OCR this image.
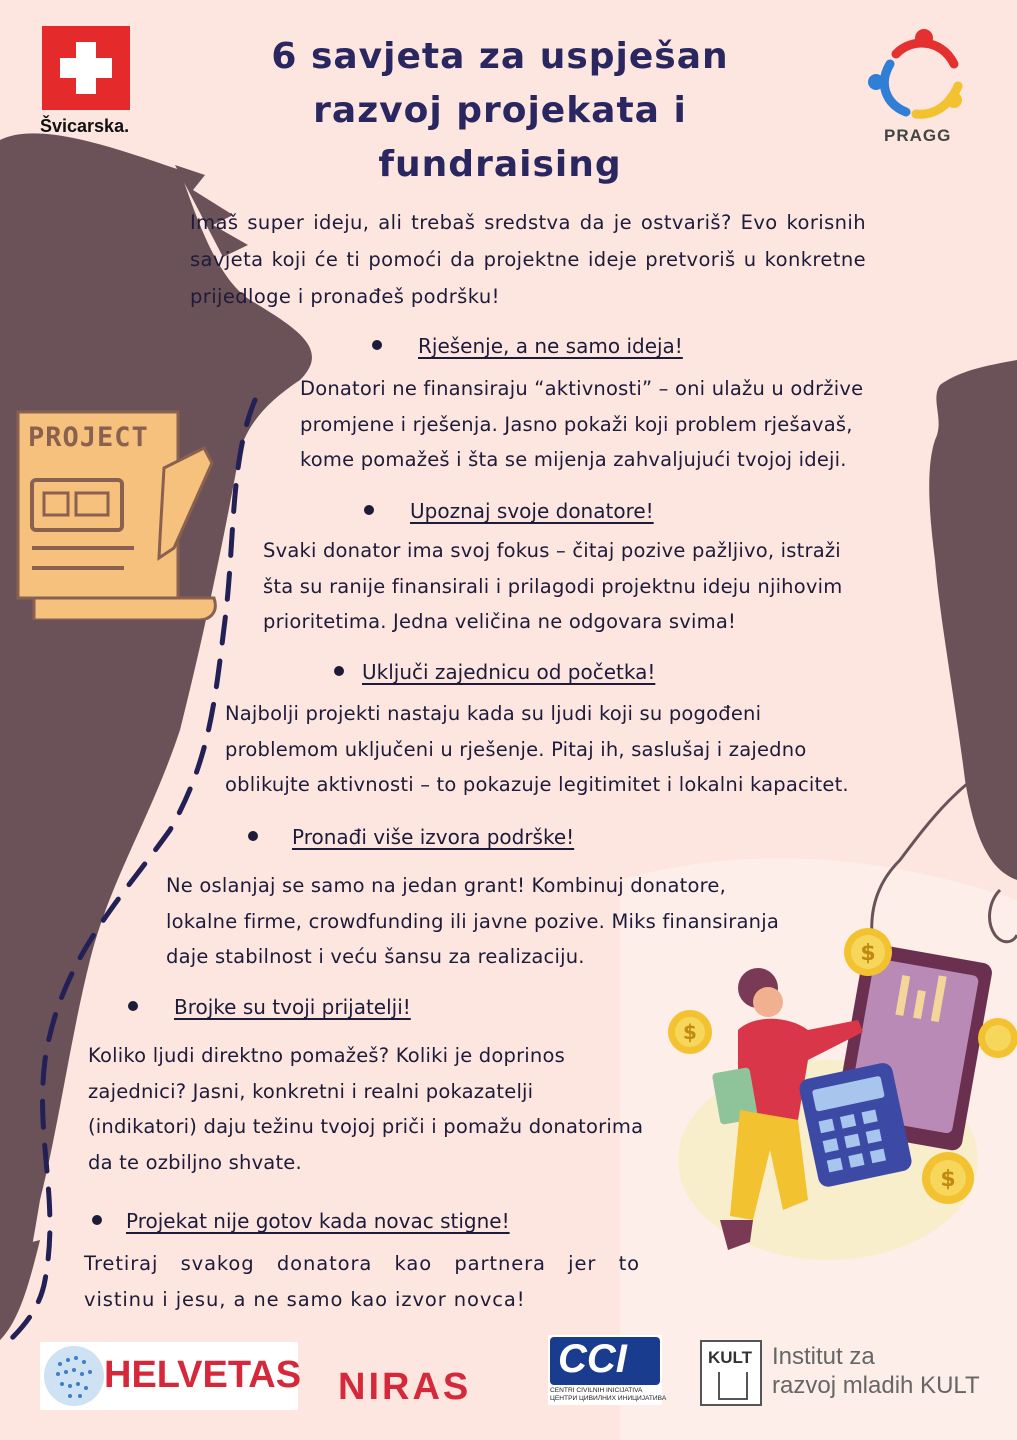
Švicarska.	PRAGG
6 savjeta za uspješan
razvoj projekata i
fundraising
Imaš super ideju, ali trebaš sredstva da je ostvariš? Evo korisnih savjeta koji će ti pomoći da projektne ideje pretvoriš u konkretne prijedloge i pronađeš podršku!
PROJECT
Rješenje, a ne samo ideja!
Donatori ne finansiraju “aktivnosti” – oni ulažu u održive
promjene i rješenja. Jasno pokaži koji problem rješavaš,
kome pomažeš i šta se mijenja zahvaljujući tvojoj ideji.
Upoznaj svoje donatore!
Svaki donator ima svoj fokus – čitaj pozive pažljivo, istraži
šta su ranije finansirali i prilagodi projektnu ideju njihovim
prioritetima. Jedna veličina ne odgovara svima!
Uključi zajednicu od početka!
Najbolji projekti nastaju kada su ljudi koji su pogođeni
problemom uključeni u rješenje. Pitaj ih, saslušaj i zajedno
oblikujte aktivnosti – to pokazuje legitimitet i lokalni kapacitet.
Pronađi više izvora podrške!
Ne oslanjaj se samo na jedan grant! Kombinuj donatore,
lokalne firme, crowdfunding ili javne pozive. Miks finansiranja
daje stabilnost i veću šansu za realizaciju.
Brojke su tvoji prijatelji!
Koliko ljudi direktno pomažeš? Koliki je doprinos
zajednici? Jasni, konkretni i realni pokazatelji
(indikatori) daju težinu tvojoj priči i pomažu donatorima
da te ozbiljno shvate.
Projekat nije gotov kada novac stigne!
Tretiraj svakog donatora kao partnera jer to
vistinu i jesu, a ne samo kao izvor novca!
$
$
$
HELVETAS NIRAS
CCI
CENTRI CIVILNIH INICIJATIVA
ЦЕНТРИ ЦИВИЛНИХ ИНИЦИЈАТИВА
KULT Institut za
razvoj mladih KULT
